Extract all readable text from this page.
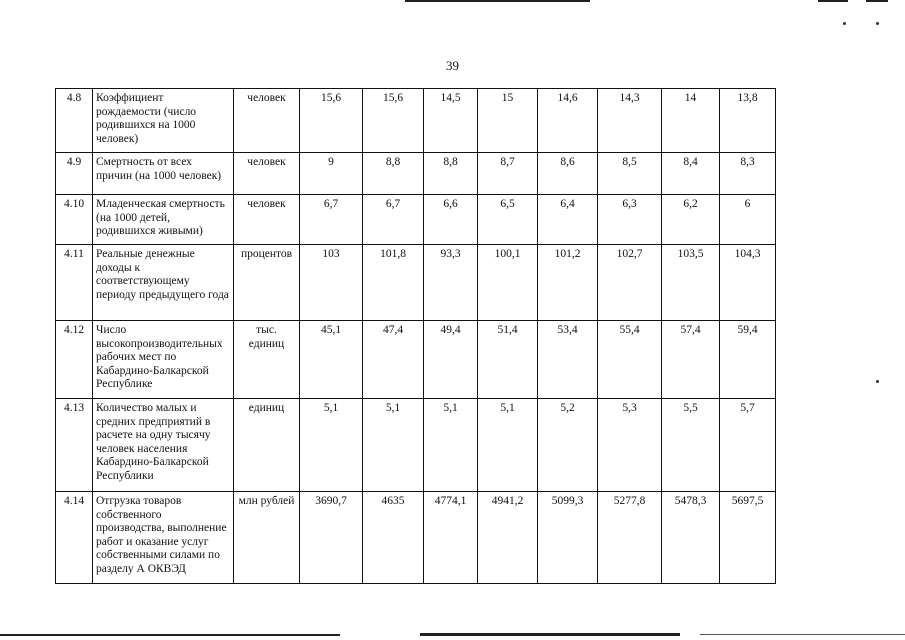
39
4.8	Коэффициент рождаемости (число родившихся на 1000 человек)	человек	15,6	15,6	14,5	15	14,6	14,3	14	13,8
4.9	Смертность от всех причин (на 1000 человек)	человек	9	8,8	8,8	8,7	8,6	8,5	8,4	8,3
4.10	Младенческая смертность (на 1000 детей, родившихся живыми)	человек	6,7	6,7	6,6	6,5	6,4	6,3	6,2	6
4.11	Реальные денежные доходы к соответствующему периоду предыдущего года	процентов	103	101,8	93,3	100,1	101,2	102,7	103,5	104,3
4.12	Число высокопроизводительных рабочих мест по Кабардино-Балкарской Республике	тыс. единиц	45,1	47,4	49,4	51,4	53,4	55,4	57,4	59,4
4.13	Количество малых и средних предприятий в расчете на одну тысячу человек населения Кабардино-Балкарской Республики	единиц	5,1	5,1	5,1	5,1	5,2	5,3	5,5	5,7
4.14	Отгрузка товаров собственного производства, выполнение работ и оказание услуг собственными силами по разделу А ОКВЭД	млн рублей	3690,7	4635	4774,1	4941,2	5099,3	5277,8	5478,3	5697,5
